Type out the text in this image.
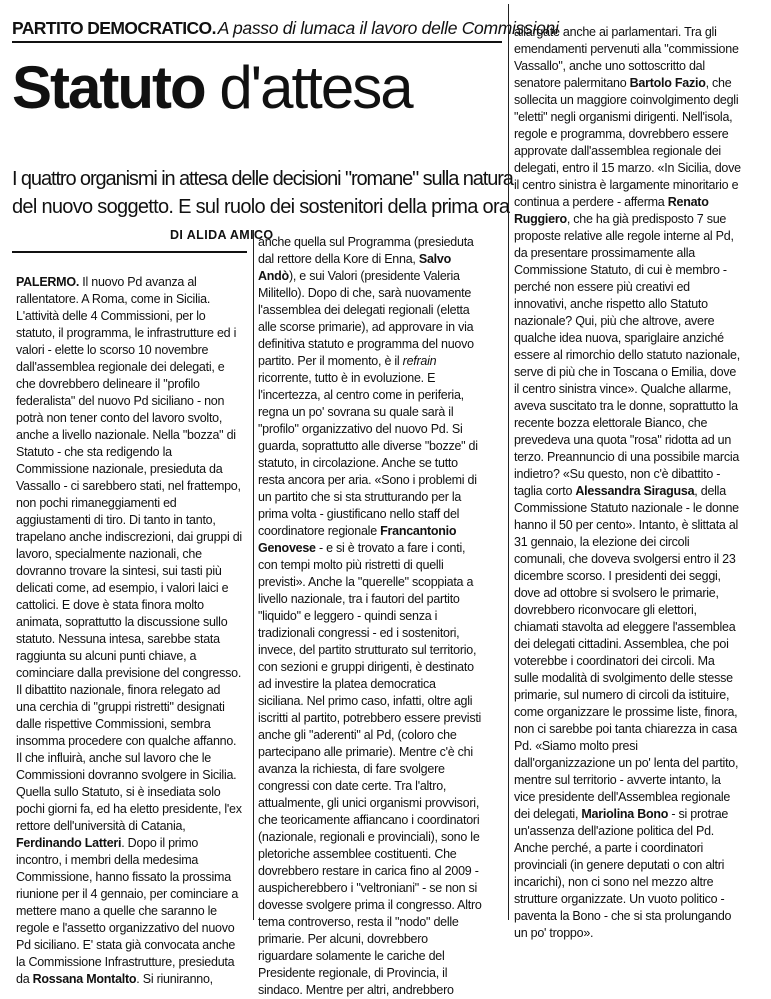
PARTITO DEMOCRATICO. A passo di lumaca il lavoro delle Commissioni
Statuto d'attesa
I quattro organismi in attesa delle decisioni "romane" sulla natura
del nuovo soggetto. E sul ruolo dei sostenitori della prima ora
DI ALIDA AMICO
PALERMO. Il nuovo Pd avanza al
rallentatore. A Roma, come in Sicilia.
L'attività delle 4 Commissioni, per lo
statuto, il programma, le infrastrutture ed i
valori - elette lo scorso 10 novembre
dall'assemblea regionale dei delegati, e
che dovrebbero delineare il "profilo
federalista" del nuovo Pd siciliano - non
potrà non tener conto del lavoro svolto,
anche a livello nazionale. Nella "bozza" di
Statuto - che sta redigendo la
Commissione nazionale, presieduta da
Vassallo - ci sarebbero stati, nel frattempo,
non pochi rimaneggiamenti ed
aggiustamenti di tiro. Di tanto in tanto,
trapelano anche indiscrezioni, dai gruppi di
lavoro, specialmente nazionali, che
dovranno trovare la sintesi, sui tasti più
delicati come, ad esempio, i valori laici e
cattolici. E dove è stata finora molto
animata, soprattutto la discussione sullo
statuto. Nessuna intesa, sarebbe stata
raggiunta su alcuni punti chiave, a
cominciare dalla previsione del congresso.
Il dibattito nazionale, finora relegato ad
una cerchia di "gruppi ristretti" designati
dalle rispettive Commissioni, sembra
insomma procedere con qualche affanno.
Il che influirà, anche sul lavoro che le
Commissioni dovranno svolgere in Sicilia.
Quella sullo Statuto, si è insediata solo
pochi giorni fa, ed ha eletto presidente, l'ex
rettore dell'università di Catania,
Ferdinando Latteri. Dopo il primo
incontro, i membri della medesima
Commissione, hanno fissato la prossima
riunione per il 4 gennaio, per cominciare a
mettere mano a quelle che saranno le
regole e l'assetto organizzativo del nuovo
Pd siciliano. E' stata già convocata anche
la Commissione Infrastrutture, presieduta
da Rossana Montalto. Si riuniranno,
anche quella sul Programma (presieduta
dal rettore della Kore di Enna, Salvo
Andò), e sui Valori (presidente Valeria
Militello). Dopo di che, sarà nuovamente
l'assemblea dei delegati regionali (eletta
alle scorse primarie), ad approvare in via
definitiva statuto e programma del nuovo
partito. Per il momento, è il refrain
ricorrente, tutto è in evoluzione. E
l'incertezza, al centro come in periferia,
regna un po' sovrana su quale sarà il
"profilo" organizzativo del nuovo Pd. Si
guarda, soprattutto alle diverse "bozze" di
statuto, in circolazione. Anche se tutto
resta ancora per aria. «Sono i problemi di
un partito che si sta strutturando per la
prima volta - giustificano nello staff del
coordinatore regionale Francantonio
Genovese - e si è trovato a fare i conti,
con tempi molto più ristretti di quelli
previsti». Anche la "querelle" scoppiata a
livello nazionale, tra i fautori del partito
"liquido" e leggero - quindi senza i
tradizionali congressi - ed i sostenitori,
invece, del partito strutturato sul territorio,
con sezioni e gruppi dirigenti, è destinato
ad investire la platea democratica
siciliana. Nel primo caso, infatti, oltre agli
iscritti al partito, potrebbero essere previsti
anche gli "aderenti" al Pd, (coloro che
partecipano alle primarie). Mentre c'è chi
avanza la richiesta, di fare svolgere
congressi con date certe. Tra l'altro,
attualmente, gli unici organismi provvisori,
che teoricamente affiancano i coordinatori
(nazionale, regionali e provinciali), sono le
pletoriche assemblee costituenti. Che
dovrebbero restare in carica fino al 2009 -
auspicherebbero i "veltroniani" - se non si
dovesse svolgere prima il congresso. Altro
tema controverso, resta il "nodo" delle
primarie. Per alcuni, dovrebbero
riguardare solamente le cariche del
Presidente regionale, di Provincia, il
sindaco. Mentre per altri, andrebbero
allargate anche ai parlamentari. Tra gli
emendamenti pervenuti alla "commissione
Vassallo", anche uno sottoscritto dal
senatore palermitano Bartolo Fazio, che
sollecita un maggiore coinvolgimento degli
"eletti" negli organismi dirigenti. Nell'isola,
regole e programma, dovrebbero essere
approvate dall'assemblea regionale dei
delegati, entro il 15 marzo. «In Sicilia, dove
il centro sinistra è largamente minoritario e
continua a perdere - afferma Renato
Ruggiero, che ha già predisposto 7 sue
proposte relative alle regole interne al Pd,
da presentare prossimamente alla
Commissione Statuto, di cui è membro -
perché non essere più creativi ed
innovativi, anche rispetto allo Statuto
nazionale? Qui, più che altrove, avere
qualche idea nuova, spariglaire anziché
essere al rimorchio dello statuto nazionale,
serve di più che in Toscana o Emilia, dove
il centro sinistra vince». Qualche allarme,
aveva suscitato tra le donne, soprattutto la
recente bozza elettorale Bianco, che
prevedeva una quota "rosa" ridotta ad un
terzo. Preannuncio di una possibile marcia
indietro? «Su questo, non c'è dibattito -
taglia corto Alessandra Siragusa, della
Commissione Statuto nazionale - le donne
hanno il 50 per cento». Intanto, è slittata al
31 gennaio, la elezione dei circoli
comunali, che doveva svolgersi entro il 23
dicembre scorso. I presidenti dei seggi,
dove ad ottobre si svolsero le primarie,
dovrebbero riconvocare gli elettori,
chiamati stavolta ad eleggere l'assemblea
dei delegati cittadini. Assemblea, che poi
voterebbe i coordinatori dei circoli. Ma
sulle modalità di svolgimento delle stesse
primarie, sul numero di circoli da istituire,
come organizzare le prossime liste, finora,
non ci sarebbe poi tanta chiarezza in casa
Pd. «Siamo molto presi
dall'organizzazione un po' lenta del partito,
mentre sul territorio - avverte intanto, la
vice presidente dell'Assemblea regionale
dei delegati, Mariolina Bono - si protrae
un'assenza dell'azione politica del Pd.
Anche perché, a parte i coordinatori
provinciali (in genere deputati o con altri
incarichi), non ci sono nel mezzo altre
strutture organizzate. Un vuoto politico -
paventa la Bono - che si sta prolungando
un po' troppo».
